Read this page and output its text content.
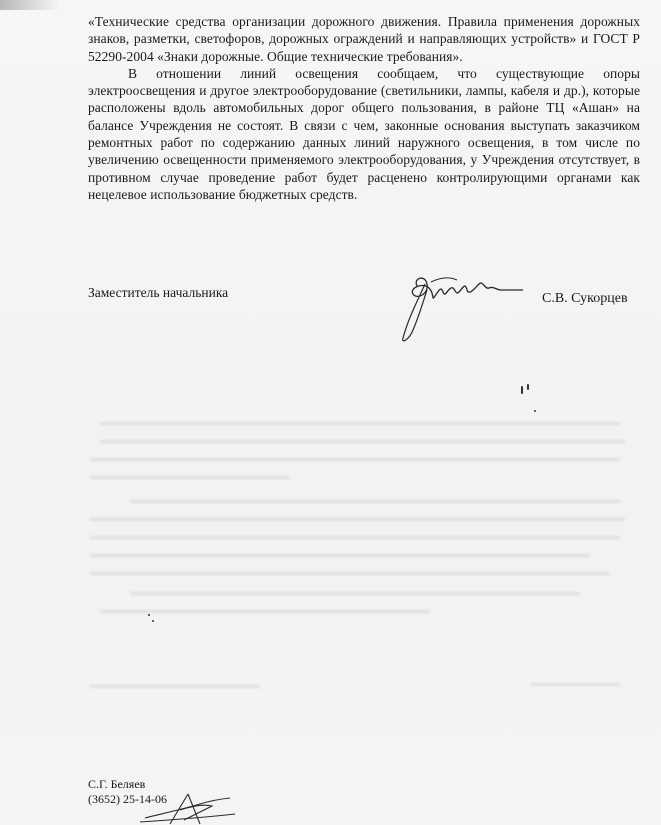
«Технические средства организации дорожного движения. Правила применения дорожных знаков, разметки, светофоров, дорожных ограждений и направляющих устройств» и ГОСТ Р 52290-2004 «Знаки дорожные. Общие технические требования».

В отношении линий освещения сообщаем, что существующие опоры электроосвещения и другое электрооборудование (светильники, лампы, кабеля и др.), которые расположены вдоль автомобильных дорог общего пользования, в районе ТЦ «Ашан» на балансе Учреждения не состоят. В связи с чем, законные основания выступать заказчиком ремонтных работ по содержанию данных линий наружного освещения, в том числе по увеличению освещенности применяемого электрооборудования, у Учреждения отсутствует, в противном случае проведение работ будет расценено контролирующими органами как нецелевое использование бюджетных средств.

Заместитель начальника	С.В. Сукорцев
С.Г. Беляев
(3652) 25-14-06
